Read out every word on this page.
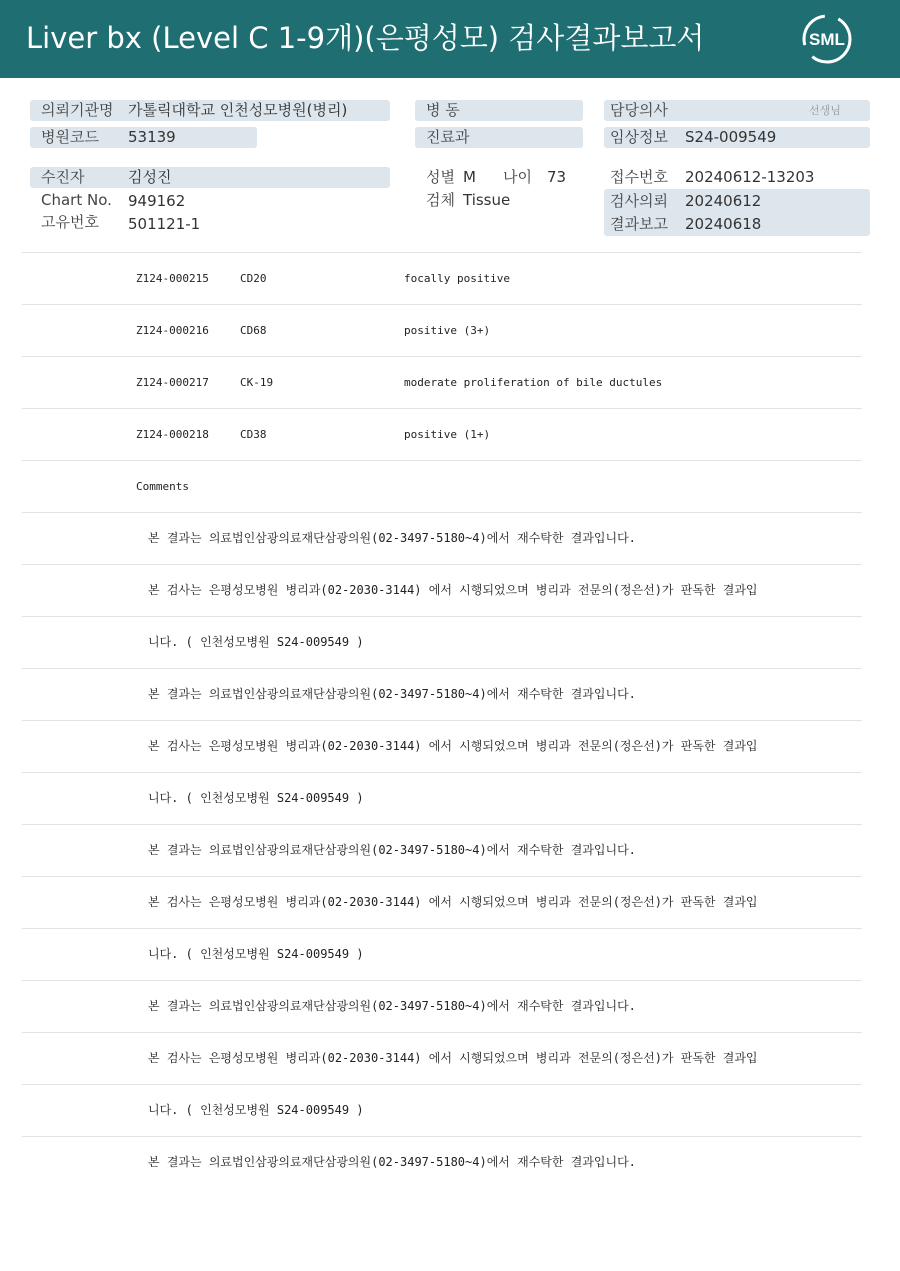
Liver bx (Level C 1-9개)(은평성모) 검사결과보고서	SML
의뢰기관명 가톨릭대학교 인천성모병원(병리)
병원코드 53139
병 동
진료과
담당의사	선생님
임상정보 S24-009549
수진자	김성진
Chart No. 949162
고유번호 501121-1
성별 M 나이 73
검체 Tissue
접수번호 20240612-13203
검사의뢰 20240612
결과보고 20240618
Z124-000215	CD20	focally positive
Z124-000216	CD68	positive (3+)
Z124-000217	CK-19	moderate proliferation of bile ductules
Z124-000218	CD38	positive (1+)
Comments
본 결과는 의료법인삼광의료재단삼광의원(02-3497-5180~4)에서 재수탁한 결과입니다.
본 검사는 은평성모병원 병리과(02-2030-3144) 에서 시행되었으며 병리과 전문의(정은선)가 판독한 결과입
니다. ( 인천성모병원 S24-009549 )
본 결과는 의료법인삼광의료재단삼광의원(02-3497-5180~4)에서 재수탁한 결과입니다.
본 검사는 은평성모병원 병리과(02-2030-3144) 에서 시행되었으며 병리과 전문의(정은선)가 판독한 결과입
니다. ( 인천성모병원 S24-009549 )
본 결과는 의료법인삼광의료재단삼광의원(02-3497-5180~4)에서 재수탁한 결과입니다.
본 검사는 은평성모병원 병리과(02-2030-3144) 에서 시행되었으며 병리과 전문의(정은선)가 판독한 결과입
니다. ( 인천성모병원 S24-009549 )
본 결과는 의료법인삼광의료재단삼광의원(02-3497-5180~4)에서 재수탁한 결과입니다.
본 검사는 은평성모병원 병리과(02-2030-3144) 에서 시행되었으며 병리과 전문의(정은선)가 판독한 결과입
니다. ( 인천성모병원 S24-009549 )
본 결과는 의료법인삼광의료재단삼광의원(02-3497-5180~4)에서 재수탁한 결과입니다.
